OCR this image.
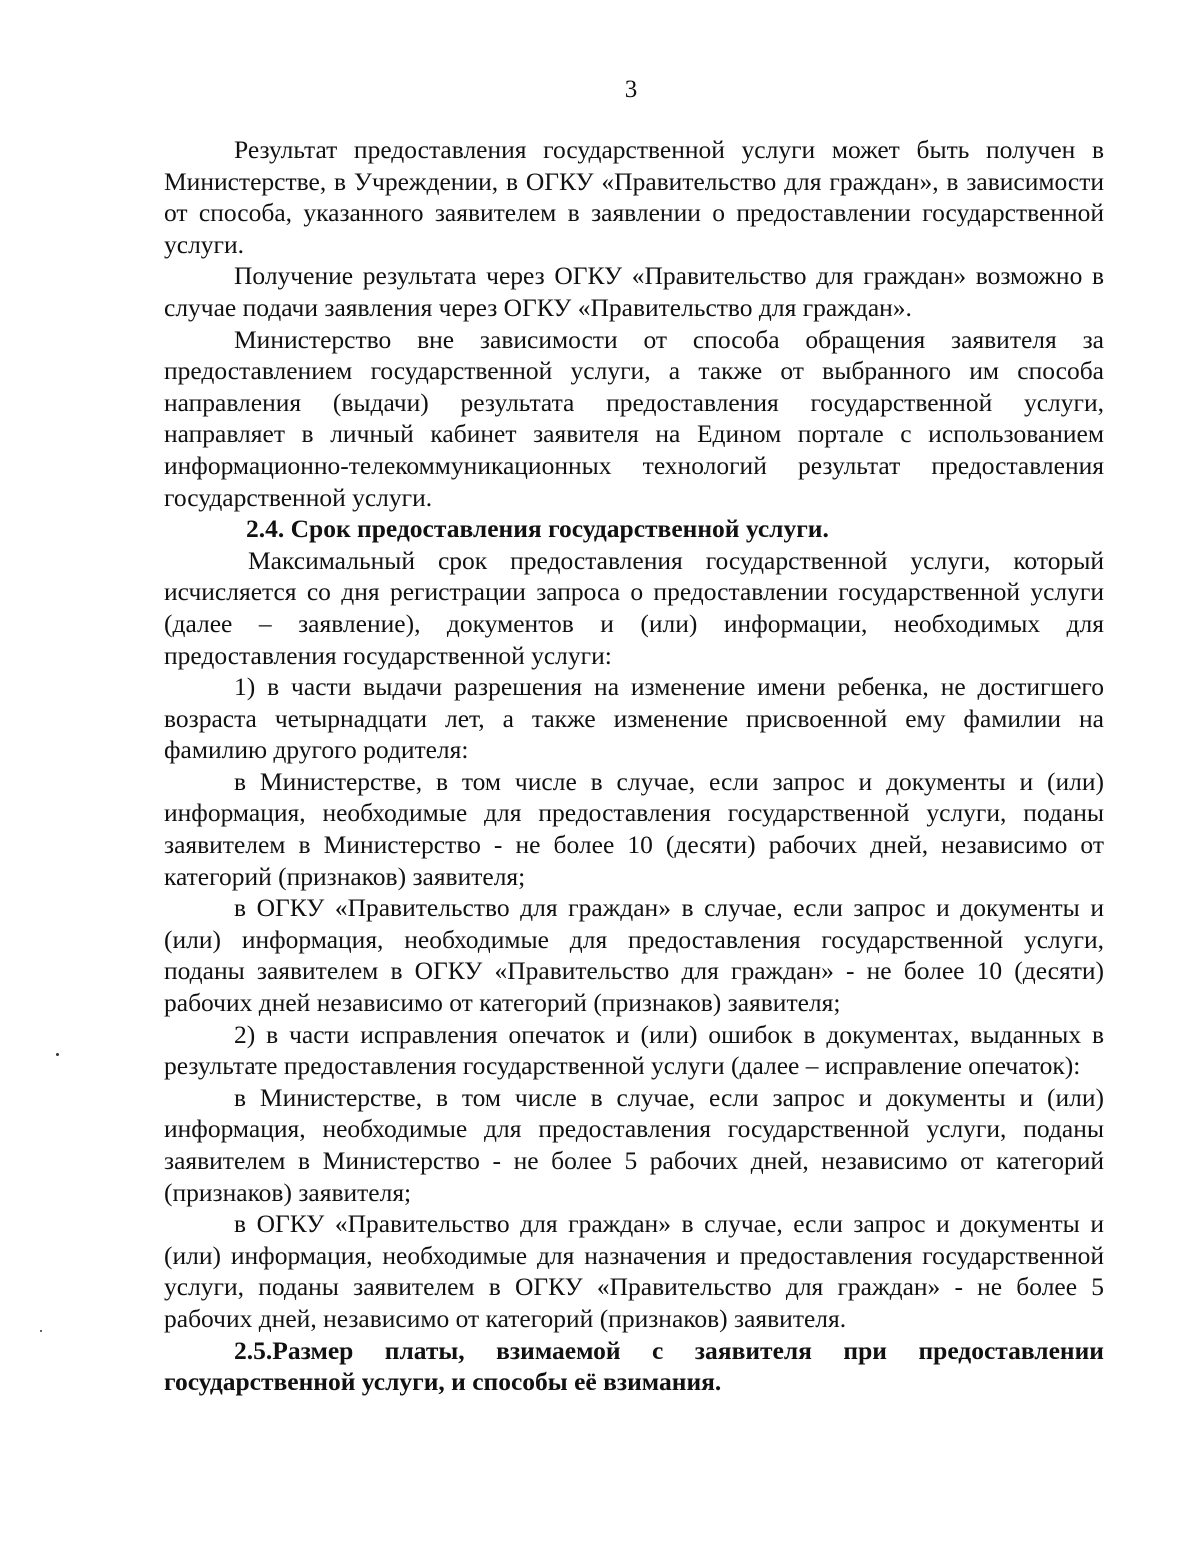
3

Результат предоставления государственной услуги может быть получен в Министерстве, в Учреждении, в ОГКУ «Правительство для граждан», в зависимости от способа, указанного заявителем в заявлении о предоставлении государственной услуги.

Получение результата через ОГКУ «Правительство для граждан» возможно в случае подачи заявления через ОГКУ «Правительство для граждан».

Министерство вне зависимости от способа обращения заявителя за предоставлением государственной услуги, а также от выбранного им способа направления (выдачи) результата предоставления государственной услуги, направляет в личный кабинет заявителя на Едином портале с использованием информационно-телекоммуникационных технологий результат предоставления государственной услуги.

2.4. Срок предоставления государственной услуги.

Максимальный срок предоставления государственной услуги, который исчисляется со дня регистрации запроса о предоставлении государственной услуги (далее – заявление), документов и (или) информации, необходимых для предоставления государственной услуги:

1) в части выдачи разрешения на изменение имени ребенка, не достигшего возраста четырнадцати лет, а также изменение присвоенной ему фамилии на фамилию другого родителя:

в Министерстве, в том числе в случае, если запрос и документы и (или) информация, необходимые для предоставления государственной услуги, поданы заявителем в Министерство - не более 10 (десяти) рабочих дней, независимо от категорий (признаков) заявителя;

в ОГКУ «Правительство для граждан» в случае, если запрос и документы и (или) информация, необходимые для предоставления государственной услуги, поданы заявителем в ОГКУ «Правительство для граждан» - не более 10 (десяти) рабочих дней независимо от категорий (признаков) заявителя;

2) в части исправления опечаток и (или) ошибок в документах, выданных в результате предоставления государственной услуги (далее – исправление опечаток):

в Министерстве, в том числе в случае, если запрос и документы и (или) информация, необходимые для предоставления государственной услуги, поданы заявителем в Министерство - не более 5 рабочих дней, независимо от категорий (признаков) заявителя;

в ОГКУ «Правительство для граждан» в случае, если запрос и документы и (или) информация, необходимые для назначения и предоставления государственной услуги, поданы заявителем в ОГКУ «Правительство для граждан» - не более 5 рабочих дней, независимо от категорий (признаков) заявителя.

2.5.Размер платы, взимаемой с заявителя при предоставлении государственной услуги, и способы её взимания.
